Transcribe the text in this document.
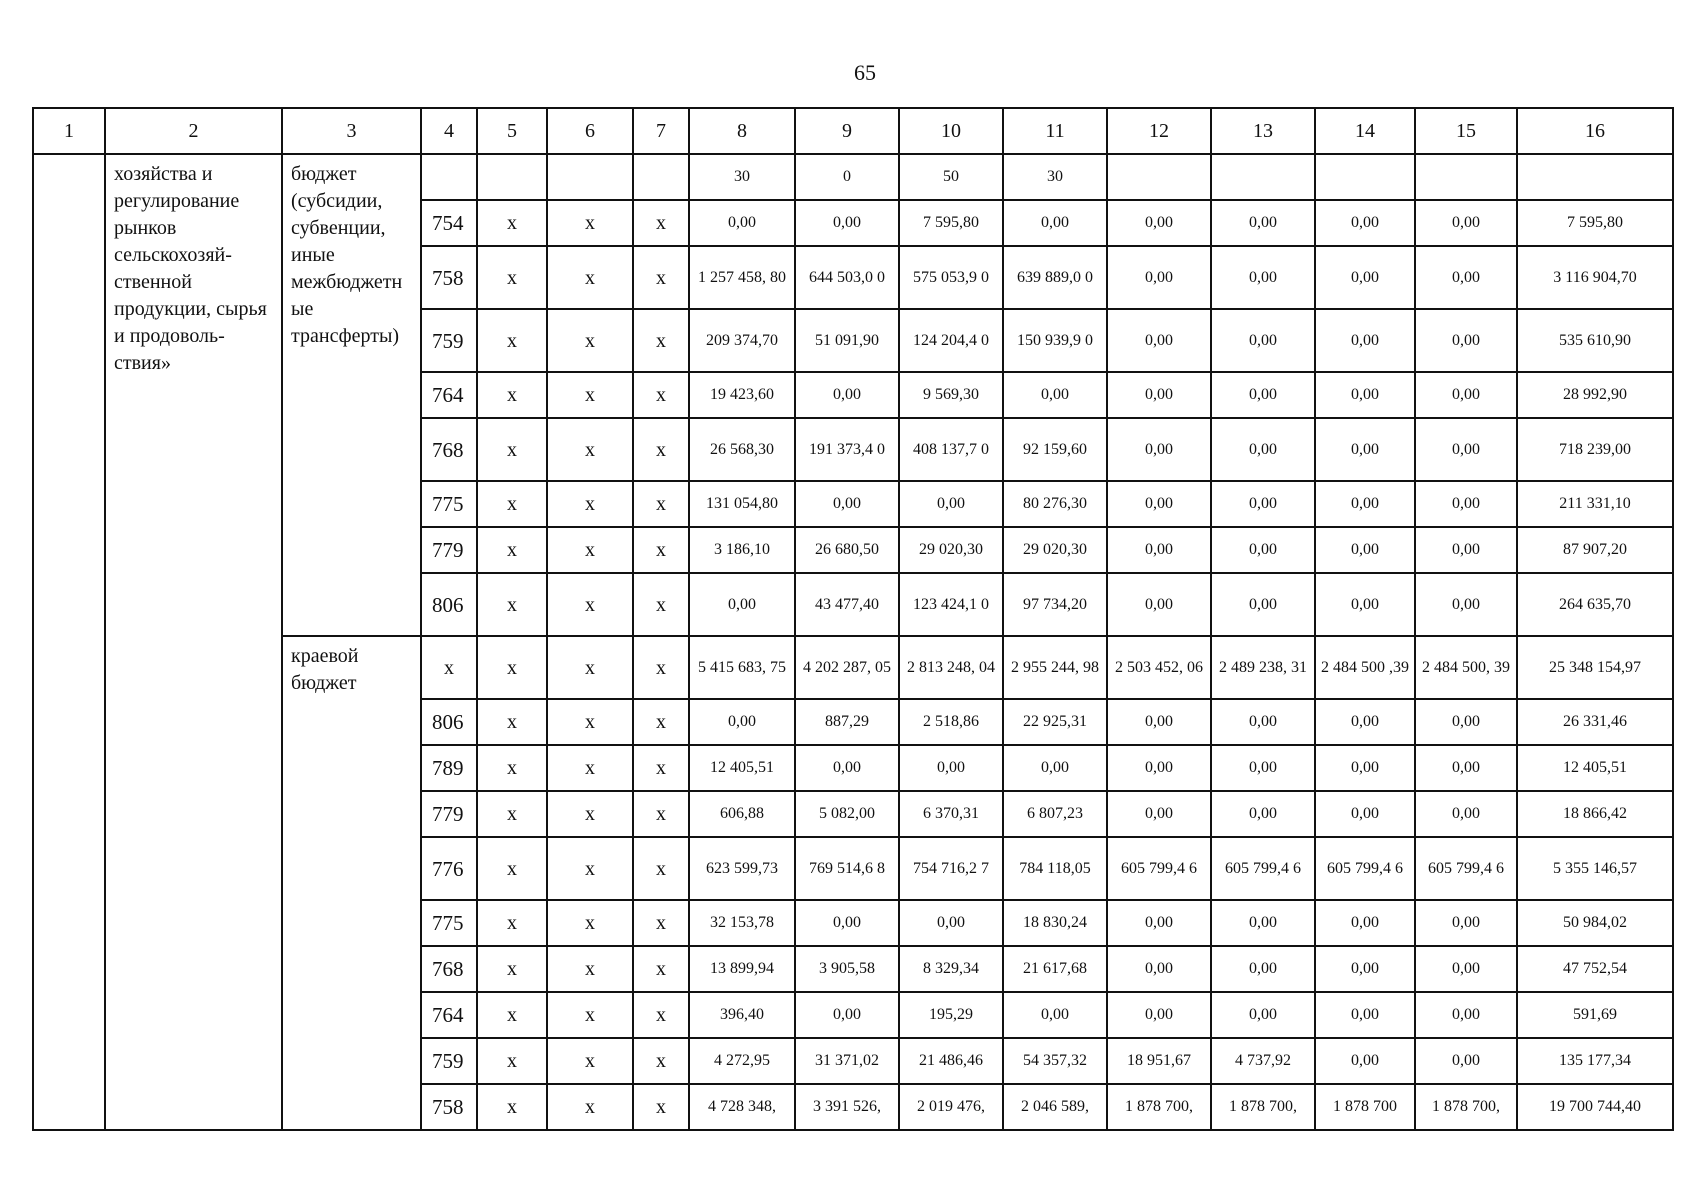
65
1	2	3	4	5	6	7	8	9	10	11	12	13	14	15	16
	хозяйства и регулирование рынков сельскохозяй-ственной продукции, сырья и продоволь-ствия»	бюджет (субсидии, субвенции, иные межбюджетн ые трансферты)					30	0	50	30					
			754	x	x	x	0,00	0,00	7 595,80	0,00	0,00	0,00	0,00	0,00	7 595,80
			758	x	x	x	1 257 458, 80	644 503,0 0	575 053,9 0	639 889,0 0	0,00	0,00	0,00	0,00	3 116 904,70
			759	x	x	x	209 374,70	51 091,90	124 204,4 0	150 939,9 0	0,00	0,00	0,00	0,00	535 610,90
			764	x	x	x	19 423,60	0,00	9 569,30	0,00	0,00	0,00	0,00	0,00	28 992,90
			768	x	x	x	26 568,30	191 373,4 0	408 137,7 0	92 159,60	0,00	0,00	0,00	0,00	718 239,00
			775	x	x	x	131 054,80	0,00	0,00	80 276,30	0,00	0,00	0,00	0,00	211 331,10
			779	x	x	x	3 186,10	26 680,50	29 020,30	29 020,30	0,00	0,00	0,00	0,00	87 907,20
			806	x	x	x	0,00	43 477,40	123 424,1 0	97 734,20	0,00	0,00	0,00	0,00	264 635,70
		краевой бюджет	x	x	x	x	5 415 683, 75	4 202 287, 05	2 813 248, 04	2 955 244, 98	2 503 452, 06	2 489 238, 31	2 484 500 ,39	2 484 500, 39	25 348 154,97
			806	x	x	x	0,00	887,29	2 518,86	22 925,31	0,00	0,00	0,00	0,00	26 331,46
			789	x	x	x	12 405,51	0,00	0,00	0,00	0,00	0,00	0,00	0,00	12 405,51
			779	x	x	x	606,88	5 082,00	6 370,31	6 807,23	0,00	0,00	0,00	0,00	18 866,42
			776	x	x	x	623 599,73	769 514,6 8	754 716,2 7	784 118,05	605 799,4 6	605 799,4 6	605 799,4 6	605 799,4 6	5 355 146,57
			775	x	x	x	32 153,78	0,00	0,00	18 830,24	0,00	0,00	0,00	0,00	50 984,02
			768	x	x	x	13 899,94	3 905,58	8 329,34	21 617,68	0,00	0,00	0,00	0,00	47 752,54
			764	x	x	x	396,40	0,00	195,29	0,00	0,00	0,00	0,00	0,00	591,69
			759	x	x	x	4 272,95	31 371,02	21 486,46	54 357,32	18 951,67	4 737,92	0,00	0,00	135 177,34
			758	x	x	x	4 728 348,	3 391 526,	2 019 476,	2 046 589,	1 878 700,	1 878 700,	1 878 700	1 878 700,	19 700 744,40
